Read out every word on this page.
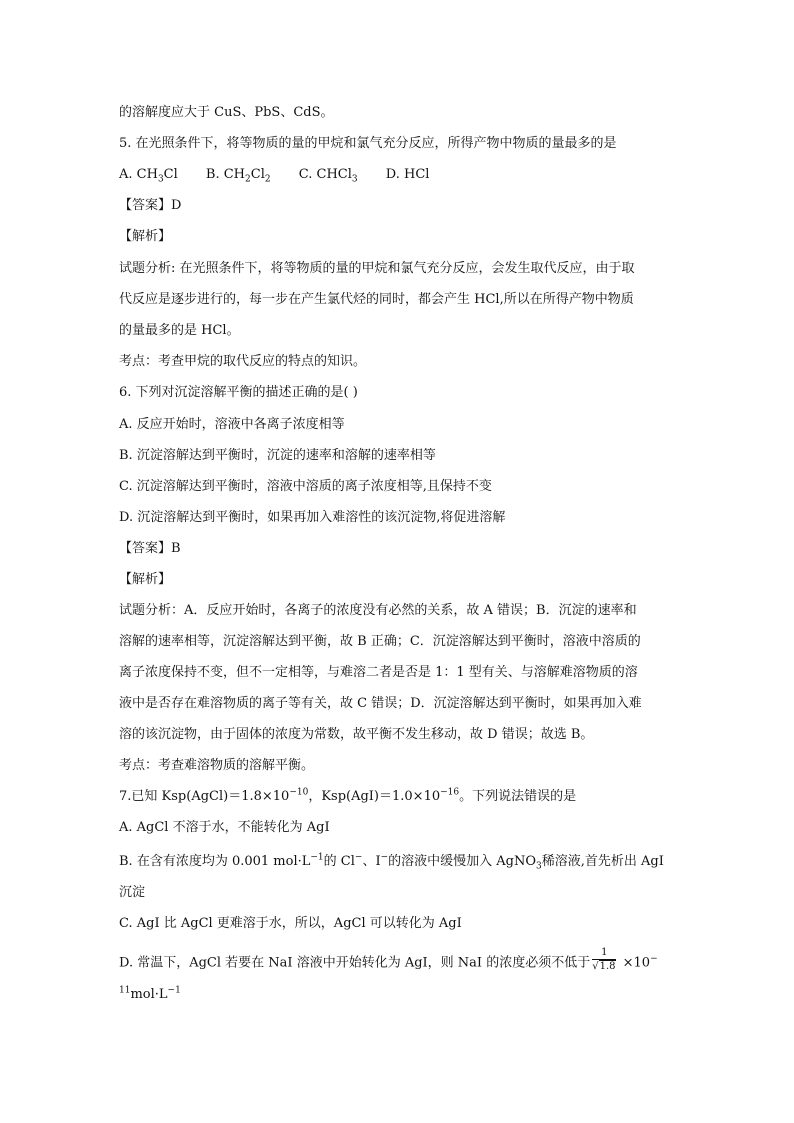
的溶解度应大于 CuS、PbS、CdS。
5. 在光照条件下，将等物质的量的甲烷和氯气充分反应，所得产物中物质的量最多的是
A. $CH_3Cl$ B. $CH_2Cl_2$ C. CHCl$_3$ D. HCl
【答案】D
【解析】
试题分析: 在光照条件下，将等物质的量的甲烷和氯气充分反应，会发生取代反应，由于取
代反应是逐步进行的，每一步在产生氯代烃的同时，都会产生 HCl,所以在所得产物中物质
的量最多的是 HCl。
考点：考查甲烷的取代反应的特点的知识。
6. 下列对沉淀溶解平衡的描述正确的是( )
A. 反应开始时，溶液中各离子浓度相等
B. 沉淀溶解达到平衡时，沉淀的速率和溶解的速率相等
C. 沉淀溶解达到平衡时，溶液中溶质的离子浓度相等,且保持不变
D. 沉淀溶解达到平衡时，如果再加入难溶性的该沉淀物,将促进溶解
【答案】B
【解析】
试题分析：A．反应开始时，各离子的浓度没有必然的关系，故 A 错误；B．沉淀的速率和
溶解的速率相等，沉淀溶解达到平衡，故 B 正确；C．沉淀溶解达到平衡时，溶液中溶质的
离子浓度保持不变，但不一定相等，与难溶二者是否是 1：1 型有关、与溶解难溶物质的溶
液中是否存在难溶物质的离子等有关，故 C 错误；D．沉淀溶解达到平衡时，如果再加入难
溶的该沉淀物，由于固体的浓度为常数，故平衡不发生移动，故 D 错误；故选 B。
考点：考查难溶物质的溶解平衡。
7.已知 $Ksp(AgCl)=1.8\times 10^{-10}$，$Ksp(AgI)=1.0\times 10^{-16}$。下列说法错误的是
A. AgCl 不溶于水，不能转化为 AgI
B. 在含有浓度均为 0.001 $mol\cdot L^{-1}$的 Cl−、I−的溶液中缓慢加入 AgNO$_3$稀溶液,首先析出 AgI
沉淀
C. AgI 比 AgCl 更难溶于水，所以，AgCl 可以转化为 AgI
D. 常温下，AgCl 若要在 NaI 溶液中开始转化为 AgI，则 NaI 的浓度必须不低于 $\frac{1}{√1.8} \times 10^-$
$^{11}mol\cdot L^{-1}$
